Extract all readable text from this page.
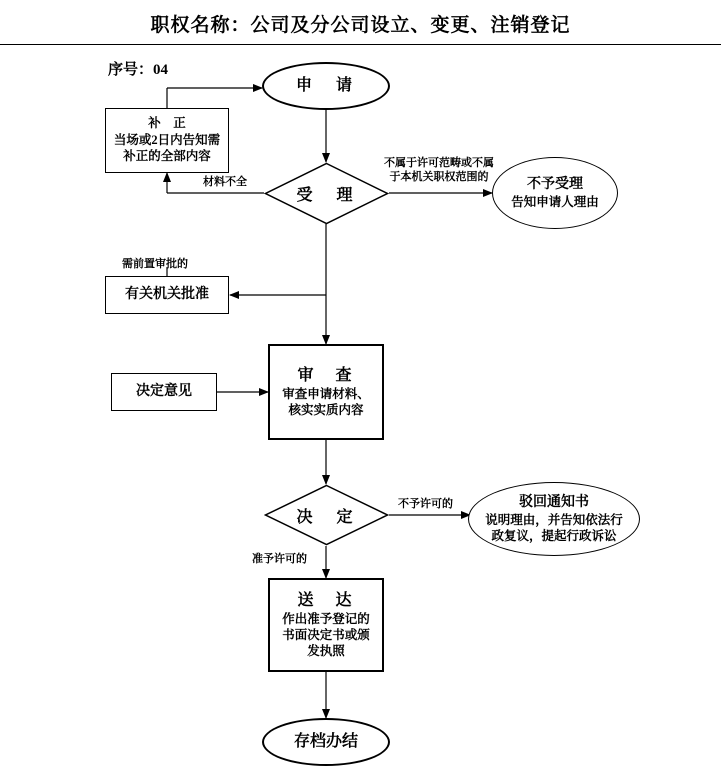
职权名称：公司及分公司设立、变更、注销登记
序号：04
申　请
补　正
当场或2日内告知需补正的全部内容
受　理
材料不全
不属于许可范畴或不属于本机关职权范围的
不予受理
告知申请人理由
需前置审批的
有关机关批准
审　查
审查申请材料、核实实质内容
决定意见
决　定
不予许可的
准予许可的
驳回通知书
说明理由，并告知依法行政复议，提起行政诉讼
送　达
作出准予登记的书面决定书或颁发执照
存档办结
